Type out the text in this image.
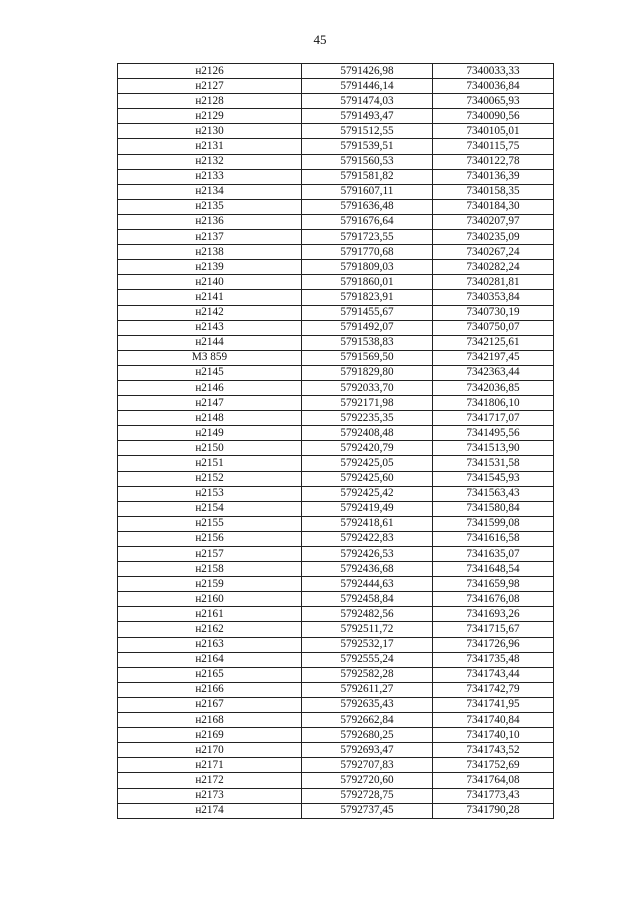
45
н2126	5791426,98	7340033,33
н2127	5791446,14	7340036,84
н2128	5791474,03	7340065,93
н2129	5791493,47	7340090,56
н2130	5791512,55	7340105,01
н2131	5791539,51	7340115,75
н2132	5791560,53	7340122,78
н2133	5791581,82	7340136,39
н2134	5791607,11	7340158,35
н2135	5791636,48	7340184,30
н2136	5791676,64	7340207,97
н2137	5791723,55	7340235,09
н2138	5791770,68	7340267,24
н2139	5791809,03	7340282,24
н2140	5791860,01	7340281,81
н2141	5791823,91	7340353,84
н2142	5791455,67	7340730,19
н2143	5791492,07	7340750,07
н2144	5791538,83	7342125,61
МЗ 859	5791569,50	7342197,45
н2145	5791829,80	7342363,44
н2146	5792033,70	7342036,85
н2147	5792171,98	7341806,10
н2148	5792235,35	7341717,07
н2149	5792408,48	7341495,56
н2150	5792420,79	7341513,90
н2151	5792425,05	7341531,58
н2152	5792425,60	7341545,93
н2153	5792425,42	7341563,43
н2154	5792419,49	7341580,84
н2155	5792418,61	7341599,08
н2156	5792422,83	7341616,58
н2157	5792426,53	7341635,07
н2158	5792436,68	7341648,54
н2159	5792444,63	7341659,98
н2160	5792458,84	7341676,08
н2161	5792482,56	7341693,26
н2162	5792511,72	7341715,67
н2163	5792532,17	7341726,96
н2164	5792555,24	7341735,48
н2165	5792582,28	7341743,44
н2166	5792611,27	7341742,79
н2167	5792635,43	7341741,95
н2168	5792662,84	7341740,84
н2169	5792680,25	7341740,10
н2170	5792693,47	7341743,52
н2171	5792707,83	7341752,69
н2172	5792720,60	7341764,08
н2173	5792728,75	7341773,43
н2174	5792737,45	7341790,28
